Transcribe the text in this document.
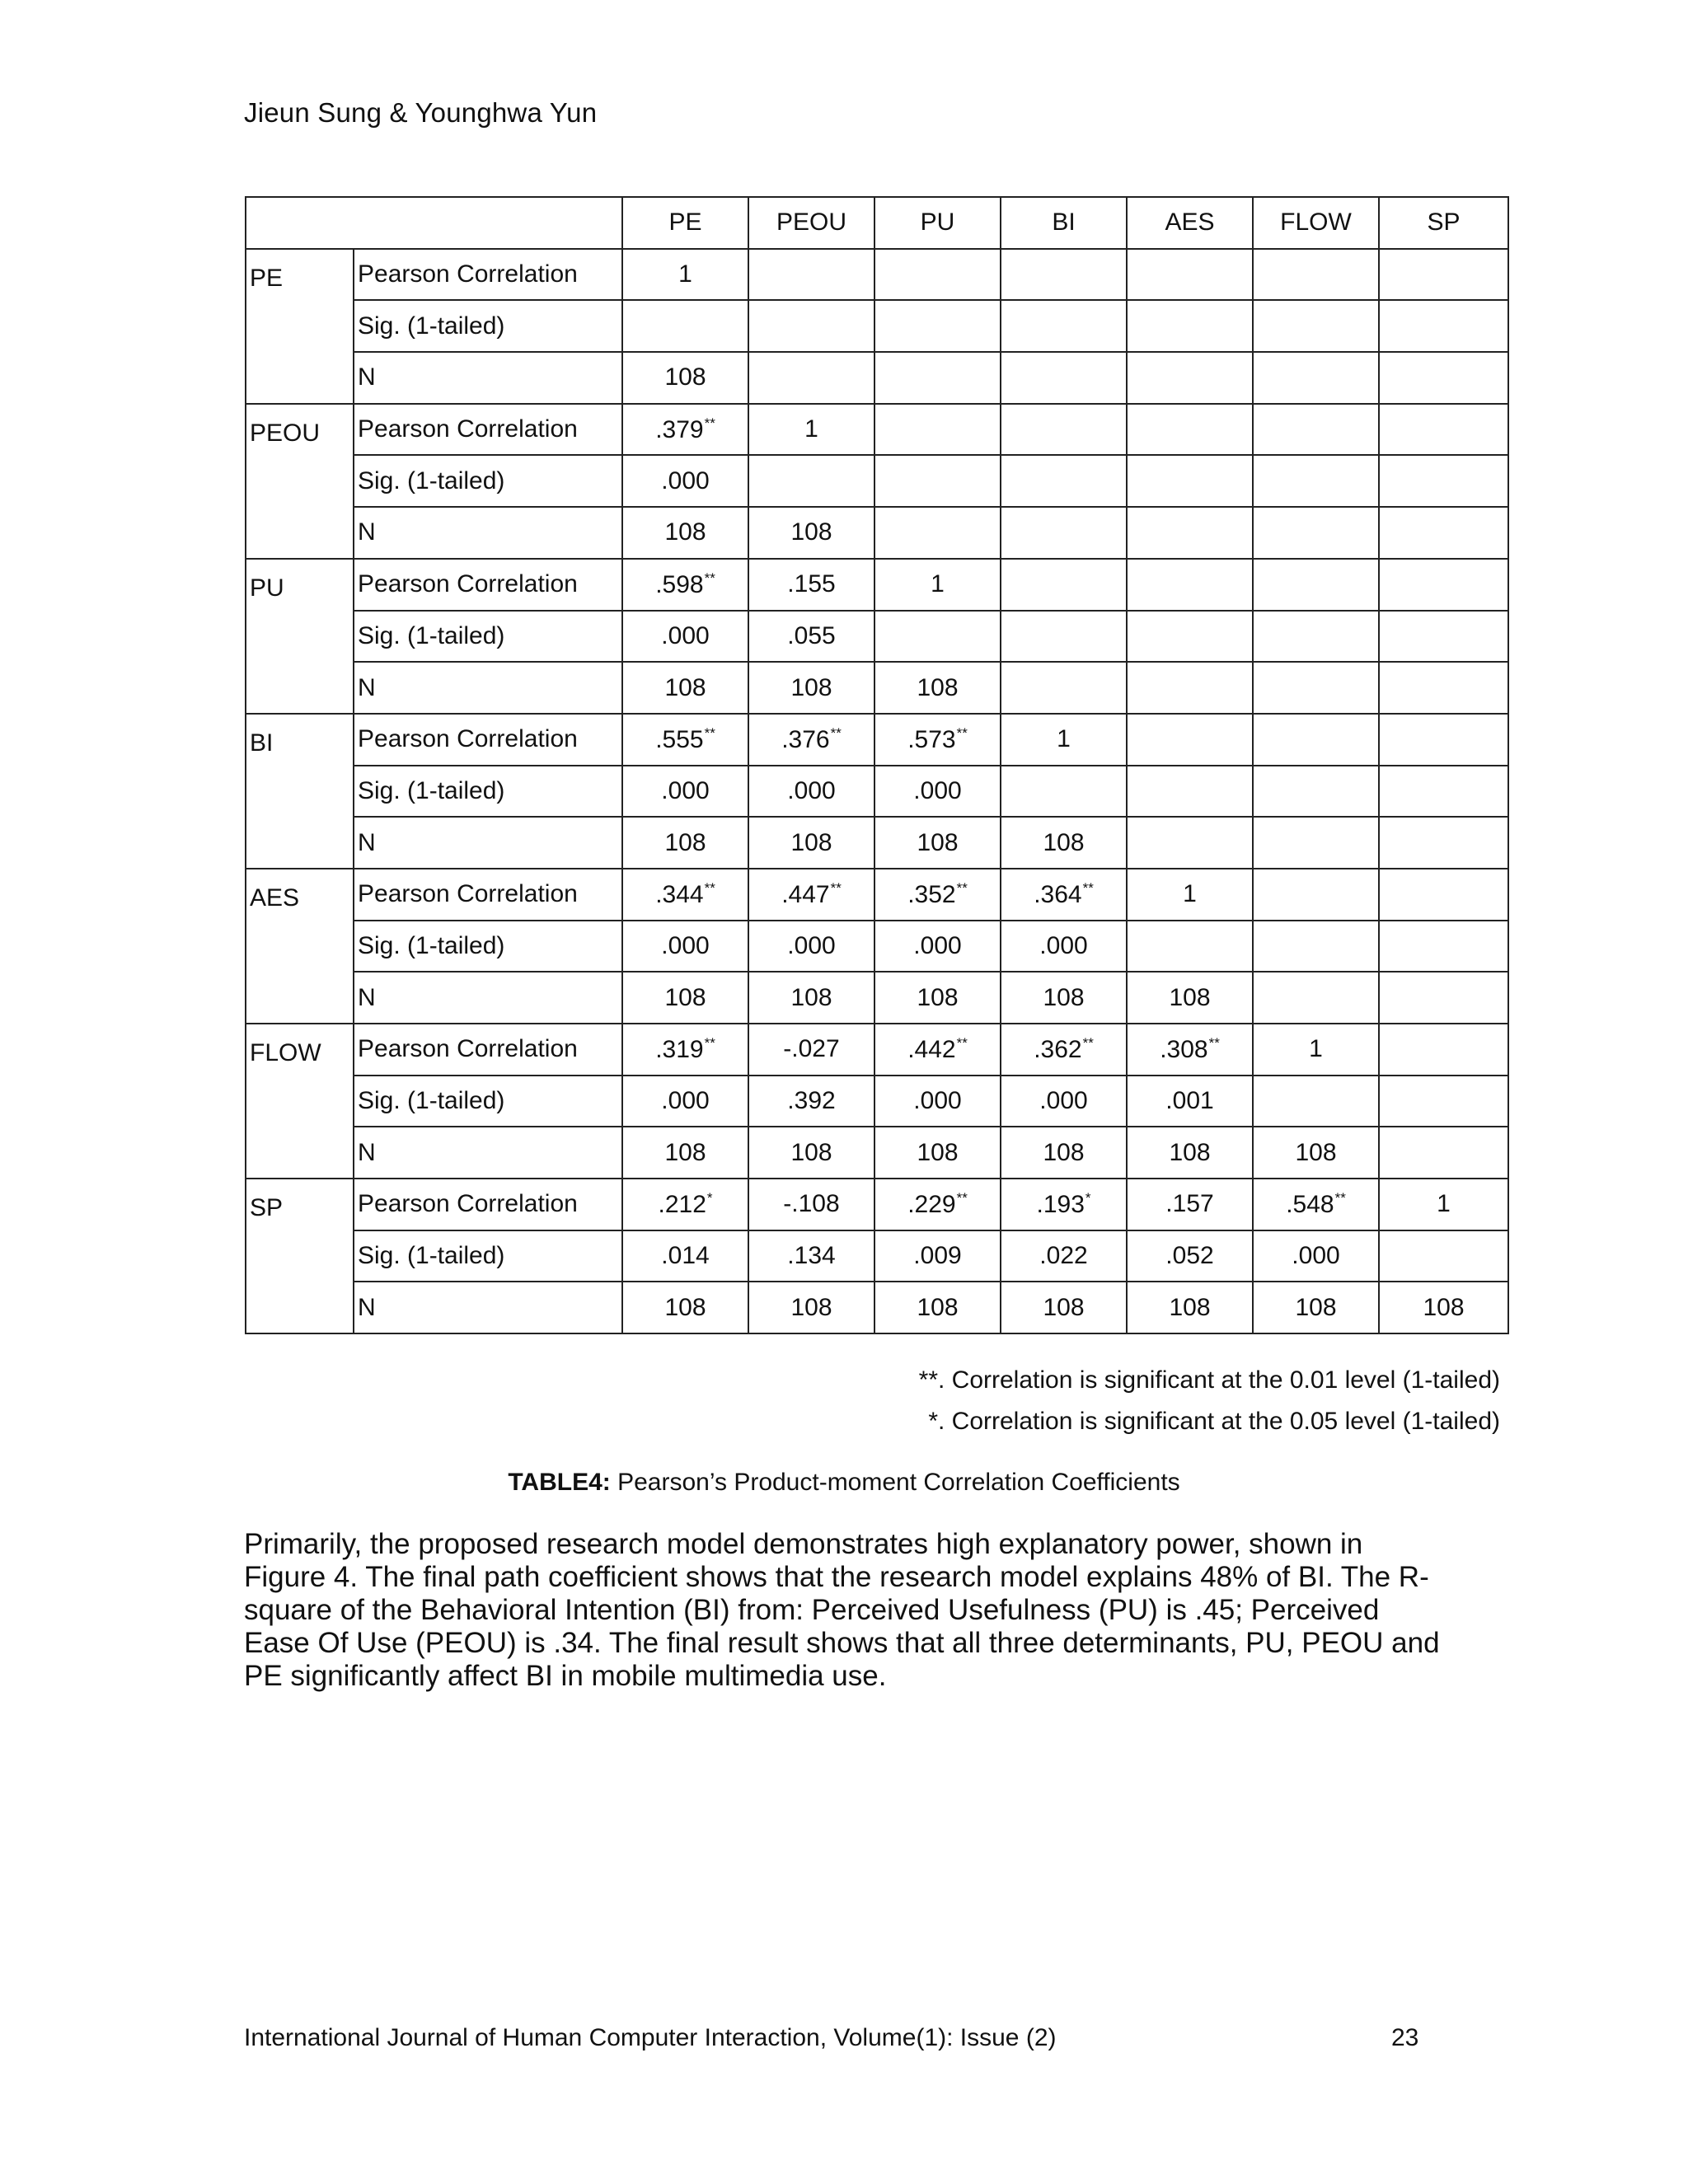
Jieun Sung & Younghwa Yun
		PE	PEOU	PU	BI	AES	FLOW	SP
PE	Pearson Correlation	1						
	Sig. (1-tailed)							
	N	108						
PEOU	Pearson Correlation	.379**	1					
	Sig. (1-tailed)	.000						
	N	108	108					
PU	Pearson Correlation	.598**	.155	1				
	Sig. (1-tailed)	.000	.055					
	N	108	108	108				
BI	Pearson Correlation	.555**	.376**	.573**	1			
	Sig. (1-tailed)	.000	.000	.000				
	N	108	108	108	108			
AES	Pearson Correlation	.344**	.447**	.352**	.364**	1		
	Sig. (1-tailed)	.000	.000	.000	.000			
	N	108	108	108	108	108		
FLOW	Pearson Correlation	.319**	-.027	.442**	.362**	.308**	1	
	Sig. (1-tailed)	.000	.392	.000	.000	.001		
	N	108	108	108	108	108	108	
SP	Pearson Correlation	.212*	-.108	.229**	.193*	.157	.548**	1
	Sig. (1-tailed)	.014	.134	.009	.022	.052	.000	
	N	108	108	108	108	108	108	108
**. Correlation is significant at the 0.01 level (1-tailed)
*. Correlation is significant at the 0.05 level (1-tailed)
TABLE4: Pearson’s Product-moment Correlation Coefficients
Primarily, the proposed research model demonstrates high explanatory power, shown in Figure 4. The final path coefficient shows that the research model explains 48% of BI. The R-square of the Behavioral Intention (BI) from: Perceived Usefulness (PU) is .45; Perceived Ease Of Use (PEOU) is .34. The final result shows that all three determinants, PU, PEOU and PE significantly affect BI in mobile multimedia use.
International Journal of Human Computer Interaction, Volume(1): Issue (2)	23
